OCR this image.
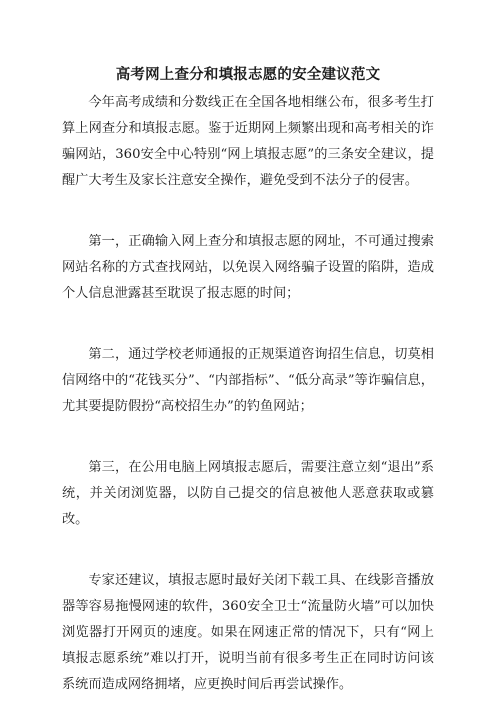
高考网上查分和填报志愿的安全建议范文

今年高考成绩和分数线正在全国各地相继公布，很多考生打算上网查分和填报志愿。鉴于近期网上频繁出现和高考相关的诈骗网站，360安全中心特别“网上填报志愿”的三条安全建议，提醒广大考生及家长注意安全操作，避免受到不法分子的侵害。

第一，正确输入网上查分和填报志愿的网址，不可通过搜索网站名称的方式查找网站，以免误入网络骗子设置的陷阱，造成个人信息泄露甚至耽误了报志愿的时间；

第二，通过学校老师通报的正规渠道咨询招生信息，切莫相信网络中的“花钱买分”、“内部指标”、“低分高录”等诈骗信息，尤其要提防假扮“高校招生办”的钓鱼网站；

第三，在公用电脑上网填报志愿后，需要注意立刻“退出”系统，并关闭浏览器，以防自己提交的信息被他人恶意获取或篡改。

专家还建议，填报志愿时最好关闭下载工具、在线影音播放器等容易拖慢网速的软件，360安全卫士“流量防火墙”可以加快浏览器打开网页的速度。如果在网速正常的情况下，只有“网上填报志愿系统”难以打开，说明当前有很多考生正在同时访问该系统而造成网络拥堵，应更换时间后再尝试操作。
